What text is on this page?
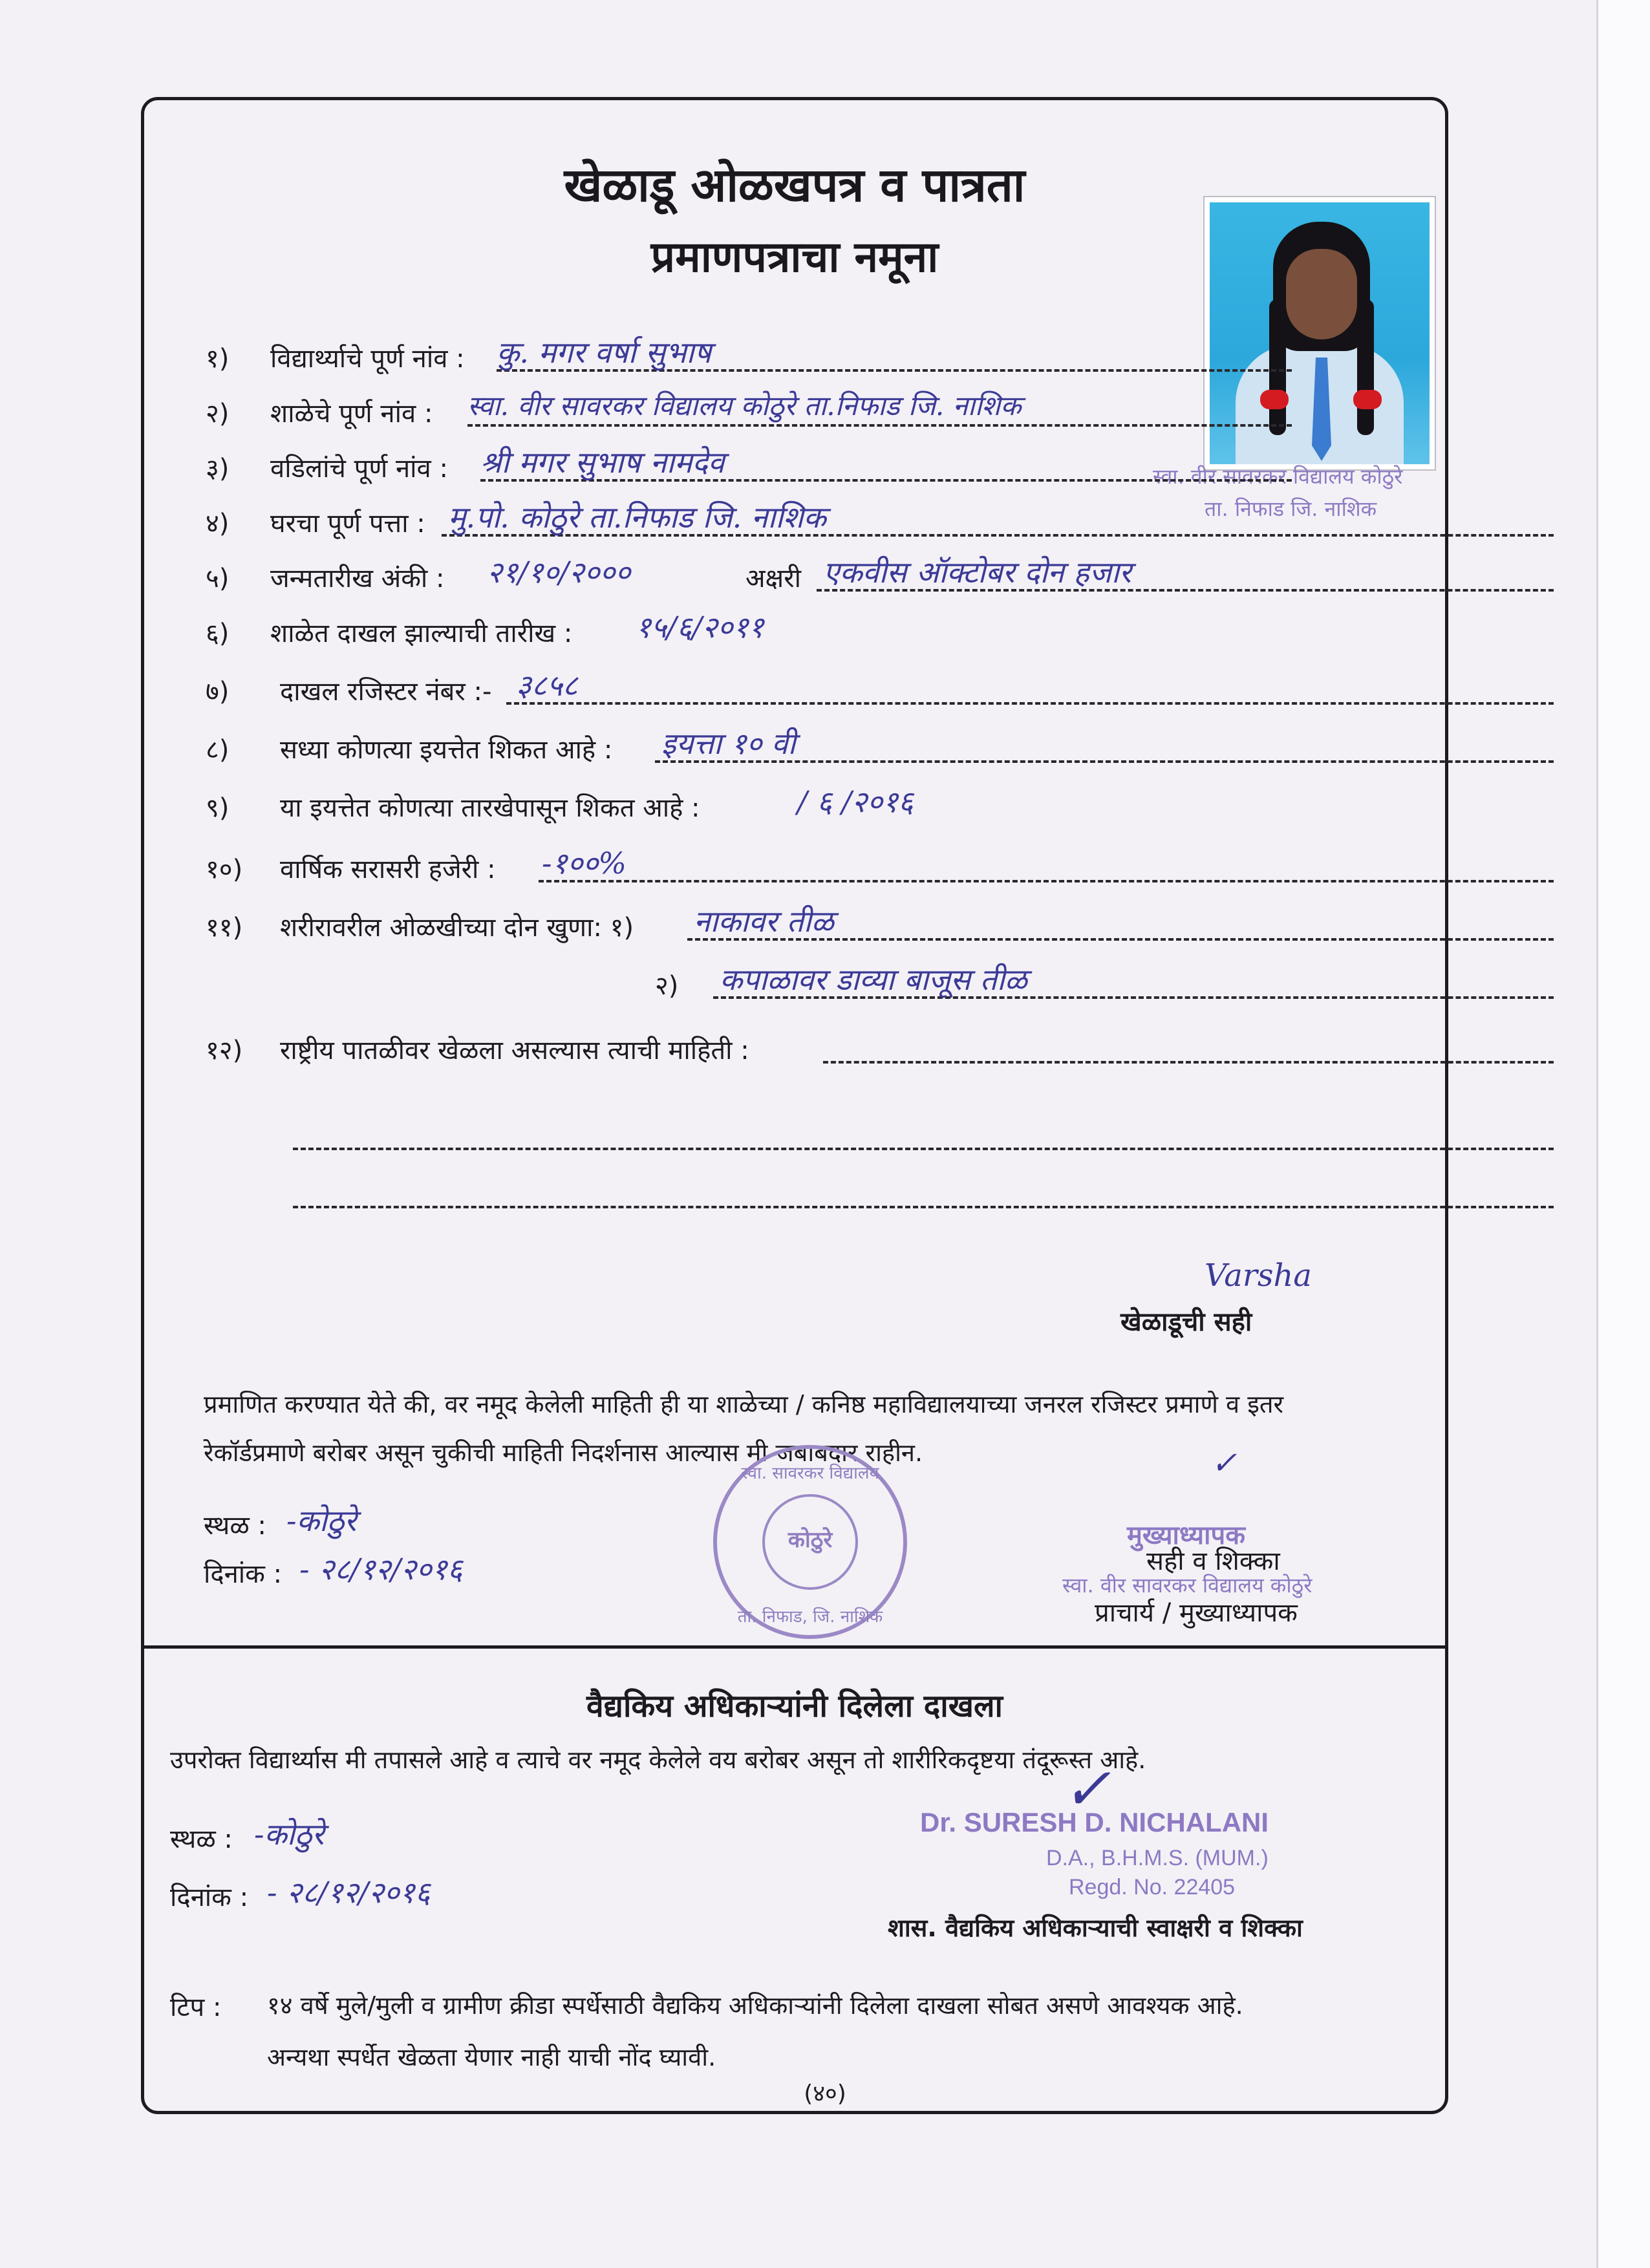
खेळाडू ओळखपत्र व पात्रता
प्रमाणपत्राचा नमूना
स्वा. वीर सावरकर विद्यालय कोठुरे
ता. निफाड जि. नाशिक
१) विद्यार्थ्याचे पूर्ण नांव : कु. मगर वर्षा सुभाष
२) शाळेचे पूर्ण नांव : स्वा. वीर सावरकर विद्यालय कोठुरे ता.निफाड जि. नाशिक
३) वडिलांचे पूर्ण नांव : श्री मगर सुभाष नामदेव
४) घरचा पूर्ण पत्ता : मु.पो. कोठुरे ता.निफाड जि. नाशिक
५) जन्मतारीख अंकी : २१/१०/२०००	अक्षरी एकवीस ऑक्टोबर दोन हजार
६) शाळेत दाखल झाल्याची तारीख : १५/६/२०११
७) दाखल रजिस्टर नंबर :- ३८५८
८) सध्या कोणत्या इयत्तेत शिकत आहे : इयत्ता १० वी
९) या इयत्तेत कोणत्या तारखेपासून शिकत आहे :	/ ६ /२०१६
१०) वार्षिक सरासरी हजेरी : -१००%
११) शरीरावरील ओळखीच्या दोन खुणा: १) नाकावर तीळ
२) कपाळावर डाव्या बाजूस तीळ
१२) राष्ट्रीय पातळीवर खेळला असल्यास त्याची माहिती :
Varsha
खेळाडूची सही
प्रमाणित करण्यात येते की, वर नमूद केलेली माहिती ही या शाळेच्या / कनिष्ठ महाविद्यालयाच्या जनरल रजिस्टर प्रमाणे व इतर
रेकॉर्डप्रमाणे बरोबर असून चुकीची माहिती निदर्शनास आल्यास मी जबाबदार राहीन.
स्थळ : -कोठुरे
दिनांक : - २८/१२/२०१६
स्वा. सावरकर विद्यालय
कोठुरे
ता. निफाड, जि. नाशिक
✓
मुख्याध्यापक
सही व शिक्का
स्वा. वीर सावरकर विद्यालय कोठुरे
प्राचार्य / मुख्याध्यापक
वैद्यकिय अधिकाऱ्यांनी दिलेला दाखला
उपरोक्त विद्यार्थ्यास मी तपासले आहे व त्याचे वर नमूद केलेले वय बरोबर असून तो शारीरिकदृष्टया तंदूरूस्त आहे.
स्थळ : -कोठुरे
दिनांक : - २८/१२/२०१६
✓
Dr. SURESH D. NICHALANI
D.A., B.H.M.S. (MUM.)
Regd. No. 22405
शास. वैद्यकिय अधिकाऱ्याची स्वाक्षरी व शिक्का
टिप : १४ वर्षे मुले/मुली व ग्रामीण क्रीडा स्पर्धेसाठी वैद्यकिय अधिकाऱ्यांनी दिलेला दाखला सोबत असणे आवश्यक आहे.
अन्यथा स्पर्धेत खेळता येणार नाही याची नोंद घ्यावी.
(४०)
